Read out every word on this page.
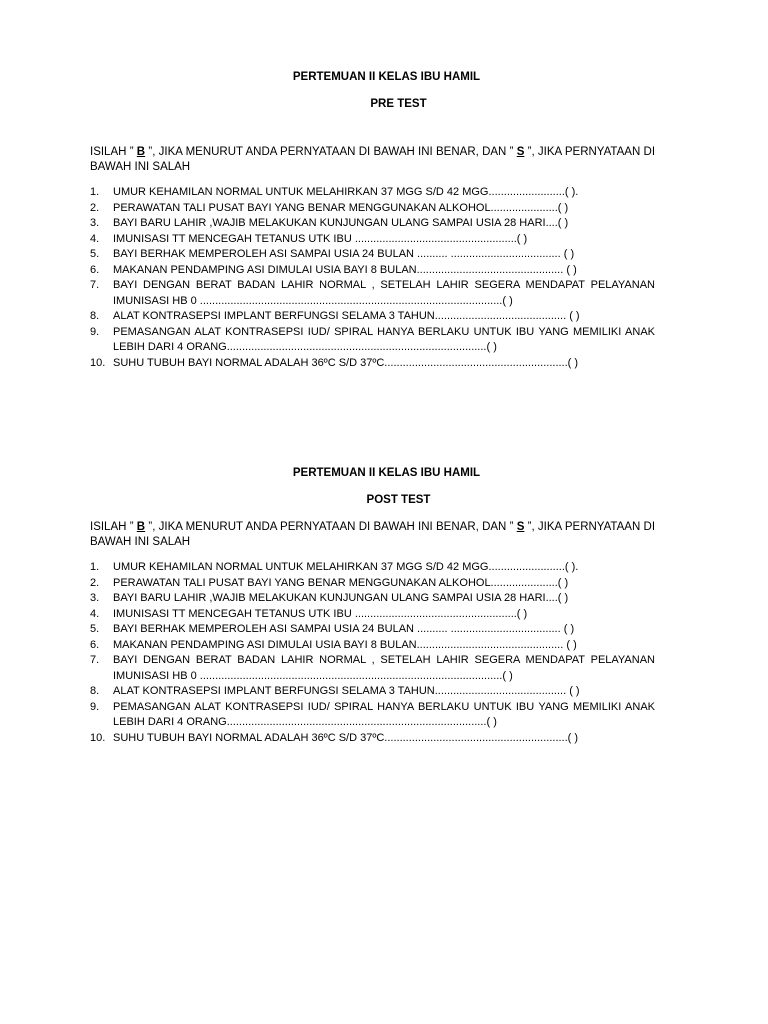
PERTEMUAN II KELAS IBU HAMIL

PRE TEST

ISILAH ” B ”, JIKA MENURUT ANDA PERNYATAAN DI BAWAH INI BENAR, DAN ” S ”, JIKA PERNYATAAN DI BAWAH INI SALAH
1. UMUR KEHAMILAN NORMAL UNTUK MELAHIRKAN 37 MGG S/D 42 MGG.........................( ).
2. PERAWATAN TALI PUSAT BAYI YANG BENAR MENGGUNAKAN ALKOHOL......................( )
3. BAYI BARU LAHIR ,WAJIB MELAKUKAN KUNJUNGAN ULANG SAMPAI USIA 28 HARI....( )
4. IMUNISASI TT MENCEGAH TETANUS UTK IBU .....................................................( )
5. BAYI BERHAK MEMPEROLEH ASI SAMPAI USIA 24 BULAN .......... .................................... ( )
6. MAKANAN PENDAMPING ASI DIMULAI USIA BAYI 8 BULAN................................................ ( )
7. BAYI DENGAN BERAT BADAN LAHIR NORMAL , SETELAH LAHIR SEGERA MENDAPAT PELAYANAN IMUNISASI HB 0 ...................................................................................................( )
8. ALAT KONTRASEPSI IMPLANT BERFUNGSI SELAMA 3 TAHUN........................................... ( )
9. PEMASANGAN ALAT KONTRASEPSI IUD/ SPIRAL HANYA BERLAKU UNTUK IBU YANG MEMILIKI ANAK LEBIH DARI 4 ORANG.....................................................................................( )
10. SUHU TUBUH BAYI NORMAL ADALAH 36ºC S/D 37ºC............................................................( )

PERTEMUAN II KELAS IBU HAMIL

POST TEST

ISILAH ” B ”, JIKA MENURUT ANDA PERNYATAAN DI BAWAH INI BENAR, DAN ” S ”, JIKA PERNYATAAN DI BAWAH INI SALAH
1. UMUR KEHAMILAN NORMAL UNTUK MELAHIRKAN 37 MGG S/D 42 MGG.........................( ).
2. PERAWATAN TALI PUSAT BAYI YANG BENAR MENGGUNAKAN ALKOHOL......................( )
3. BAYI BARU LAHIR ,WAJIB MELAKUKAN KUNJUNGAN ULANG SAMPAI USIA 28 HARI....( )
4. IMUNISASI TT MENCEGAH TETANUS UTK IBU .....................................................( )
5. BAYI BERHAK MEMPEROLEH ASI SAMPAI USIA 24 BULAN .......... .................................... ( )
6. MAKANAN PENDAMPING ASI DIMULAI USIA BAYI 8 BULAN................................................ ( )
7. BAYI DENGAN BERAT BADAN LAHIR NORMAL , SETELAH LAHIR SEGERA MENDAPAT PELAYANAN IMUNISASI HB 0 ...................................................................................................( )
8. ALAT KONTRASEPSI IMPLANT BERFUNGSI SELAMA 3 TAHUN........................................... ( )
9. PEMASANGAN ALAT KONTRASEPSI IUD/ SPIRAL HANYA BERLAKU UNTUK IBU YANG MEMILIKI ANAK LEBIH DARI 4 ORANG.....................................................................................( )
10. SUHU TUBUH BAYI NORMAL ADALAH 36ºC S/D 37ºC............................................................( )
